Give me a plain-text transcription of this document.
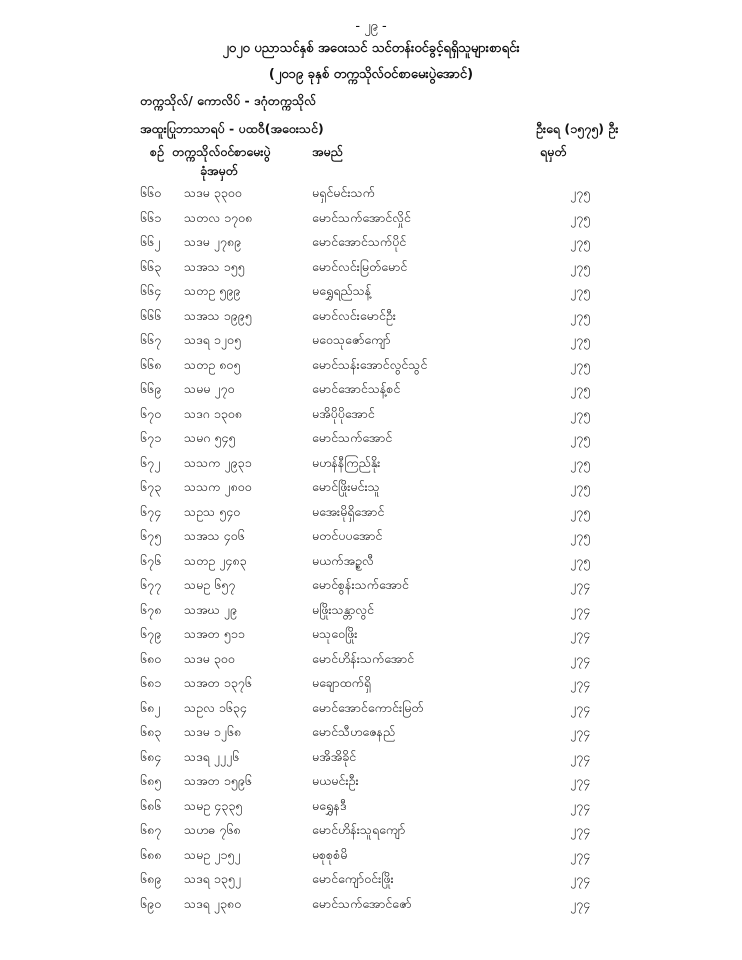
- ၂၉ -
၂၀၂၀ ပညာသင်နှစ် အဝေးသင် သင်တန်းဝင်ခွင့်ရရှိသူများစာရင်း
(၂၀၁၉ ခုနှစ် တက္ကသိုလ်ဝင်စာမေးပွဲအောင်)
တက္ကသိုလ်/ ကောလိပ် - ဒဂုံတက္ကသိုလ်
အထူးပြုဘာသာရပ် - ပထဝီ(အဝေးသင်)	ဦးရေ (၁၅၇၅) ဦး
စဉ် တက္ကသိုလ်ဝင်စာမေးပွဲ
ခုံအမှတ်
အမည်	ရမှတ်
၆၆၀ သဒမ ၃၃၀၀	မရှင်မင်းသက်	၂၇၅
၆၆၁ သတလ ၁၇၀၈	မောင်သက်အောင်လှိုင်	၂၇၅
၆၆၂ သဒမ ၂၇၈၉	မောင်အောင်သက်ပိုင်	၂၇၅
၆၆၃ သအသ ၁၅၅	မောင်လင်းမြတ်မောင်	၂၇၅
၆၆၄ သတဥ ၅၉၉	မရွှေရည်သန့်	၂၇၅
၆၆၆ သအသ ၁၉၉၅	မောင်လင်းမောင်ဦး	၂၇၅
၆၆၇ သဒရ ၁၂၀၅	မဝေသုဇော်ကျော်	၂၇၅
၆၆၈ သတဥ ၈၀၅	မောင်သန်းအောင်လွင်သွင်	၂၇၅
၆၆၉ သမမ ၂၇၀	မောင်အောင်သန့်စင်	၂၇၅
၆၇၀ သဒဂ ၁၃၀၈	မအိပိုပိုအောင်	၂၇၅
၆၇၁ သမဂ ၅၄၅	မောင်သက်အောင်	၂၇၅
၆၇၂ သသက ၂၉၃၁	မဟန်နီကြည်နိုး	၂၇၅
၆၇၃ သသက ၂၈၀၀	မောင်ဖြိုးမင်းသူ	၂၇၅
၆၇၄ သဥသ ၅၄၀	မအေးမိုရှိအောင်	၂၇၅
၆၇၅ သအသ ၄၀၆	မတင်ပပအောင်	၂၇၅
၆၇၆ သတဥ ၂၄၈၃	မယက်အဥ္စလီ	၂၇၅
၆၇၇ သမဥ ၆၅၇	မောင်စွန်းသက်အောင်	၂၇၄
၆၇၈ သအဃ ၂၉	မဖြိုးသန္တာလွင်	၂၇၄
၆၇၉ သအတ ၅၁၁	မသုဝေဖြိုး	၂၇၄
၆၈၀ သဒမ ၃၀၀	မောင်ဟိန်းသက်အောင်	၂၇၄
၆၈၁ သအတ ၁၃၇၆	မချောထက်ရှိ	၂၇၄
၆၈၂ သဥလ ၁၆၃၄	မောင်အောင်ကောင်းမြတ်	၂၇၄
၆၈၃ သဒမ ၁၂၆၈	မောင်သီဟဇေနည်	၂၇၄
၆၈၄ သဒရ ၂၂၂၆	မအိအိခိုင်	၂၇၄
၆၈၅ သအတ ၁၅၉၆	မယမင်းဦး	၂၇၄
၆၈၆ သမဥ ၄၃၃၅	မရွှေနဒီ	၂၇၄
၆၈၇ သဟဓ ၇၆၈	မောင်ဟိန်းသူရကျော်	၂၇၄
၆၈၈ သမဥ ၂၁၅၂	မစုစုစံမိ	၂၇၄
၆၈၉ သဒရ ၁၃၅၂	မောင်ကျော်ဝင်းဖြိုး	၂၇၄
၆၉၀ သဒရ ၂၃၈၀	မောင်သက်အောင်ဇော်	၂၇၄
